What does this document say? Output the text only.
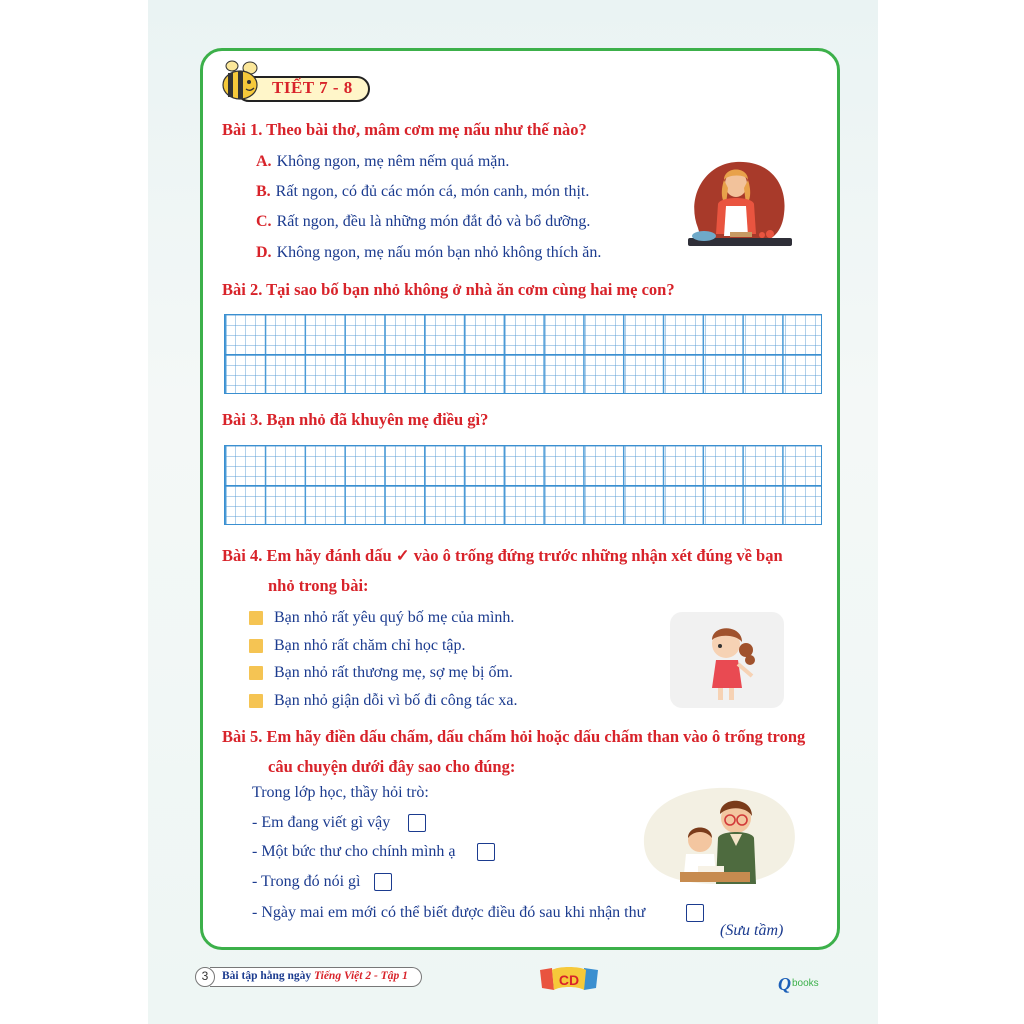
TIẾT 7 - 8
Bài 1. Theo bài thơ, mâm cơm mẹ nấu như thế nào?
A. Không ngon, mẹ nêm nếm quá mặn.
B. Rất ngon, có đủ các món cá, món canh, món thịt.
C. Rất ngon, đều là những món đắt đỏ và bổ dưỡng.
D. Không ngon, mẹ nấu món bạn nhỏ không thích ăn.
Bài 2. Tại sao bố bạn nhỏ không ở nhà ăn cơm cùng hai mẹ con?
Bài 3. Bạn nhỏ đã khuyên mẹ điều gì?
Bài 4. Em hãy đánh dấu ✓ vào ô trống đứng trước những nhận xét đúng về bạn
nhỏ trong bài:
Bạn nhỏ rất yêu quý bố mẹ của mình.
Bạn nhỏ rất chăm chỉ học tập.
Bạn nhỏ rất thương mẹ, sợ mẹ bị ốm.
Bạn nhỏ giận dỗi vì bố đi công tác xa.
Bài 5. Em hãy điền dấu chấm, dấu chấm hỏi hoặc dấu chấm than vào ô trống trong
câu chuyện dưới đây sao cho đúng:
Trong lớp học, thầy hỏi trò:
- Em đang viết gì vậy
- Một bức thư cho chính mình ạ
- Trong đó nói gì
- Ngày mai em mới có thể biết được điều đó sau khi nhận thư
(Sưu tầm)
3	Bài tập hằng ngày Tiếng Việt 2 - Tập 1	CD	Q books
